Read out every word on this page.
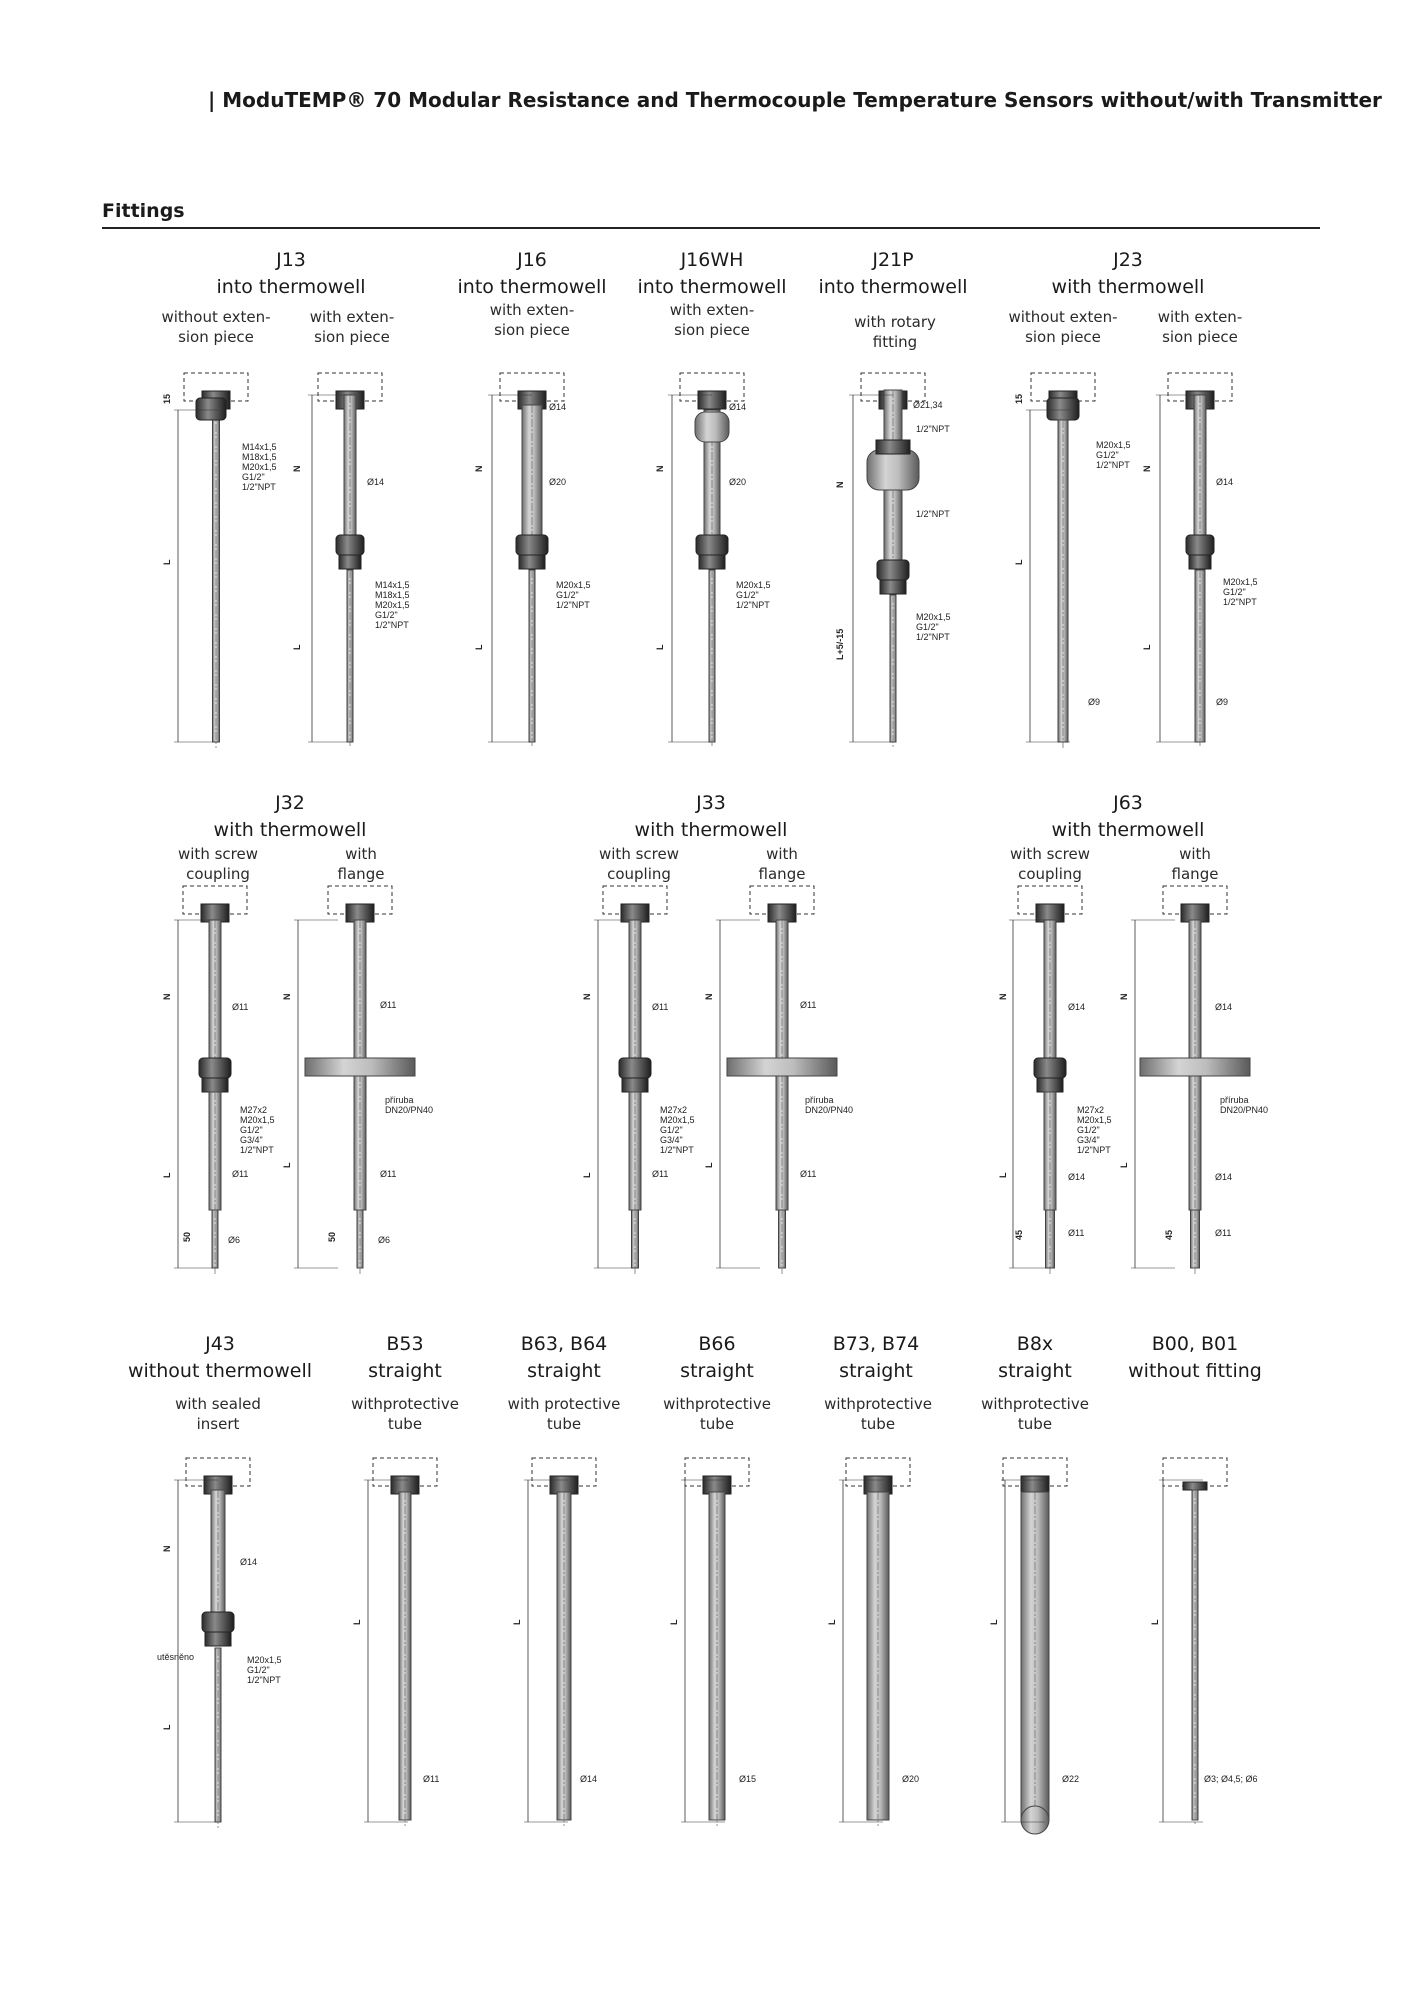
| ModuTEMP® 70 Modular Resistance and Thermocouple Temperature Sensors without/with Transmitter
Fittings
J13
into thermowell
J16
into thermowell
J16WH
into thermowell
J21P
into thermowell
J23
with thermowell
J32
with thermowell
J33
with thermowell
J63
with thermowell
J43
without thermowell
B53
straight
B63, B64
straight
B66
straight
B73, B74
straight
B8x
straight
B00, B01
without fitting
without exten-
sion piece
with exten-
sion piece
with exten-
sion piece
with exten-
sion piece	with rotary
fitting
without exten-
sion piece
with exten-
sion piece
with screw
coupling
with
flange
with screw
coupling
with
flange
with screw
coupling
with
flange
with sealed
insert
withprotective
tube
with protective
tube
withprotective
tube
withprotective
tube
withprotective
tube
15
N
L
M14x1,5 M18x1,5 M20x1,5 G1/2" 1/2"NPT	Ø14
L
M14x1,5 M18x1,5 M20x1,5 G1/2" 1/2"NPT
Ø14
N
Ø20
M20x1,5 G1/2" 1/2"NPT
L
Ø14
N
Ø20
M20x1,5 G1/2" 1/2"NPT
L
Ø21,34
1/2"NPT
N
1/2"NPT
M20x1,5 G1/2" 1/2"NPT
L+5/-15
15
M20x1,5 G1/2" 1/2"NPT
L
Ø9
N
Ø14
M20x1,5 G1/2" 1/2"NPT
L
Ø9
N
Ø11
M27x2 M20x1,5 G1/2" G3/4" 1/2"NPT
L	Ø11
50	Ø6
N
Ø11
příruba DN20/PN40
L
Ø11
50	Ø6
N
Ø11
M27x2 M20x1,5 G1/2" G3/4" 1/2"NPT
L	Ø11
N
Ø11
příruba DN20/PN40
L
Ø11
N
Ø14
M27x2 M20x1,5 G1/2" G3/4" 1/2"NPT
L	Ø14
45	Ø11
N
Ø14
příruba DN20/PN40
L
Ø14
45	Ø11
N
Ø14
utěsněno	M20x1,5 G1/2" 1/2"NPT
L
L
Ø11
L
Ø14
L
Ø15
L
Ø20
L
Ø22
L
Ø3; Ø4,5; Ø6
